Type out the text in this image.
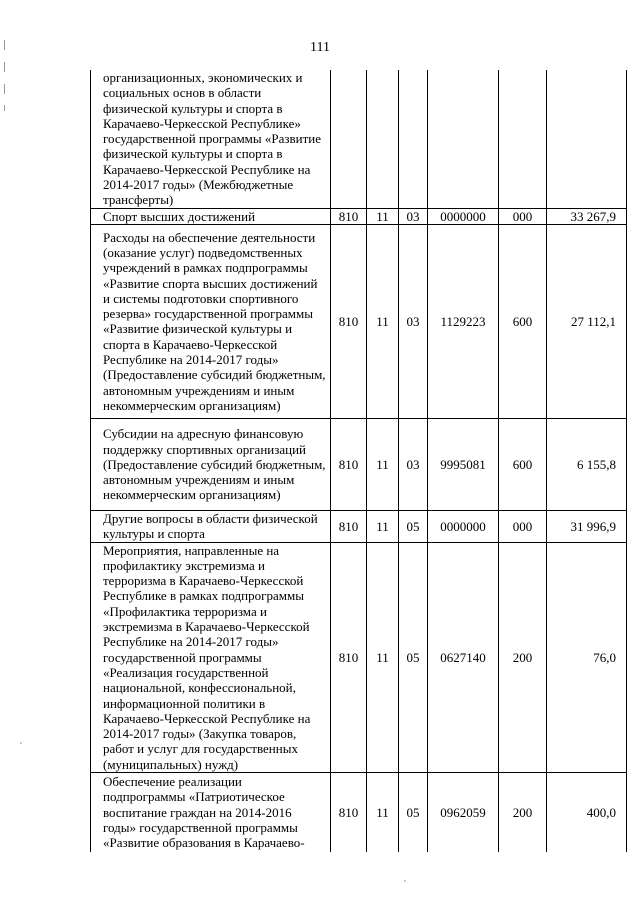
111
организационных, экономических и социальных основ в области физической культуры и спорта в Карачаево-Черкесской Республике» государственной программы «Развитие физической культуры и спорта в Карачаево-Черкесской Республике на 2014-2017 годы» (Межбюджетные трансферты)						
Спорт высших достижений	810	11	03	0000000	000	33 267,9
Расходы на обеспечение деятельности (оказание услуг) подведомственных учреждений в рамках подпрограммы «Развитие спорта высших достижений и системы подготовки спортивного резерва» государственной программы «Развитие физической культуры и спорта в Карачаево-Черкесской Республике на 2014-2017 годы» (Предоставление субсидий бюджетным, автономным учреждениям и иным некоммерческим организациям)	810	11	03	1129223	600	27 112,1
Субсидии на адресную финансовую поддержку спортивных организаций (Предоставление субсидий бюджетным, автономным учреждениям и иным некоммерческим организациям)	810	11	03	9995081	600	6 155,8
Другие вопросы в области физической культуры и спорта	810	11	05	0000000	000	31 996,9
Мероприятия, направленные на профилактику экстремизма и терроризма в Карачаево-Черкесской Республике в рамках подпрограммы «Профилактика терроризма и экстремизма в Карачаево-Черкесской Республике на 2014-2017 годы» государственной программы «Реализация государственной национальной, конфессиональной, информационной политики в Карачаево-Черкесской Республике на 2014-2017 годы» (Закупка товаров, работ и услуг для государственных (муниципальных) нужд)	810	11	05	0627140	200	76,0
Обеспечение реализации подпрограммы «Патриотическое воспитание граждан на 2014-2016 годы» государственной программы «Развитие образования в Карачаево-	810	11	05	0962059	200	400,0
